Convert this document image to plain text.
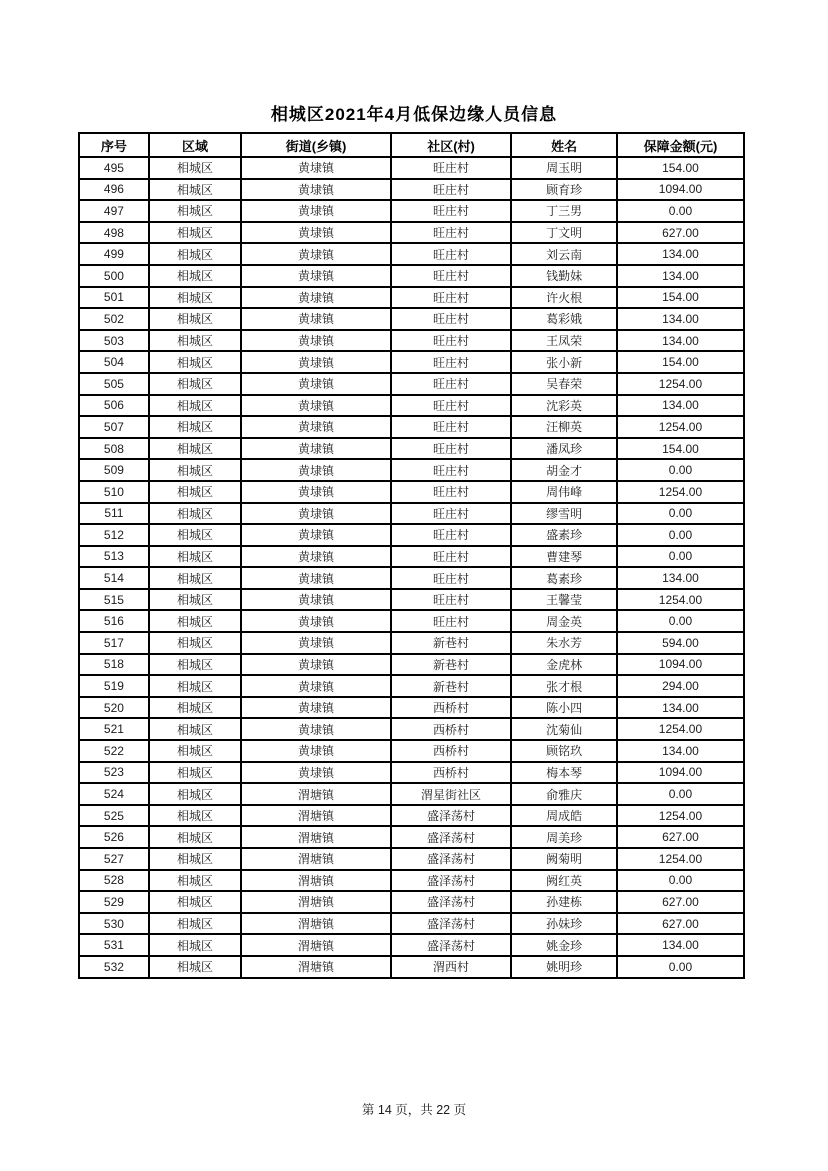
相城区2021年4月低保边缘人员信息
序号	区域	街道(乡镇)	社区(村)	姓名	保障金额(元)
495	相城区	黄埭镇	旺庄村	周玉明	154.00
496	相城区	黄埭镇	旺庄村	顾育珍	1094.00
497	相城区	黄埭镇	旺庄村	丁三男	0.00
498	相城区	黄埭镇	旺庄村	丁文明	627.00
499	相城区	黄埭镇	旺庄村	刘云南	134.00
500	相城区	黄埭镇	旺庄村	钱勤妹	134.00
501	相城区	黄埭镇	旺庄村	许火根	154.00
502	相城区	黄埭镇	旺庄村	葛彩娥	134.00
503	相城区	黄埭镇	旺庄村	王凤荣	134.00
504	相城区	黄埭镇	旺庄村	张小新	154.00
505	相城区	黄埭镇	旺庄村	吴春荣	1254.00
506	相城区	黄埭镇	旺庄村	沈彩英	134.00
507	相城区	黄埭镇	旺庄村	汪柳英	1254.00
508	相城区	黄埭镇	旺庄村	潘凤珍	154.00
509	相城区	黄埭镇	旺庄村	胡金才	0.00
510	相城区	黄埭镇	旺庄村	周伟峰	1254.00
511	相城区	黄埭镇	旺庄村	缪雪明	0.00
512	相城区	黄埭镇	旺庄村	盛素珍	0.00
513	相城区	黄埭镇	旺庄村	曹建琴	0.00
514	相城区	黄埭镇	旺庄村	葛素珍	134.00
515	相城区	黄埭镇	旺庄村	王馨莹	1254.00
516	相城区	黄埭镇	旺庄村	周金英	0.00
517	相城区	黄埭镇	新巷村	朱水芳	594.00
518	相城区	黄埭镇	新巷村	金虎林	1094.00
519	相城区	黄埭镇	新巷村	张才根	294.00
520	相城区	黄埭镇	西桥村	陈小四	134.00
521	相城区	黄埭镇	西桥村	沈菊仙	1254.00
522	相城区	黄埭镇	西桥村	顾铭玖	134.00
523	相城区	黄埭镇	西桥村	梅本琴	1094.00
524	相城区	渭塘镇	渭星街社区	俞雅庆	0.00
525	相城区	渭塘镇	盛泽荡村	周成皓	1254.00
526	相城区	渭塘镇	盛泽荡村	周美珍	627.00
527	相城区	渭塘镇	盛泽荡村	阙菊明	1254.00
528	相城区	渭塘镇	盛泽荡村	阙红英	0.00
529	相城区	渭塘镇	盛泽荡村	孙建栋	627.00
530	相城区	渭塘镇	盛泽荡村	孙妹珍	627.00
531	相城区	渭塘镇	盛泽荡村	姚金珍	134.00
532	相城区	渭塘镇	渭西村	姚明珍	0.00
第 14 页，共 22 页
